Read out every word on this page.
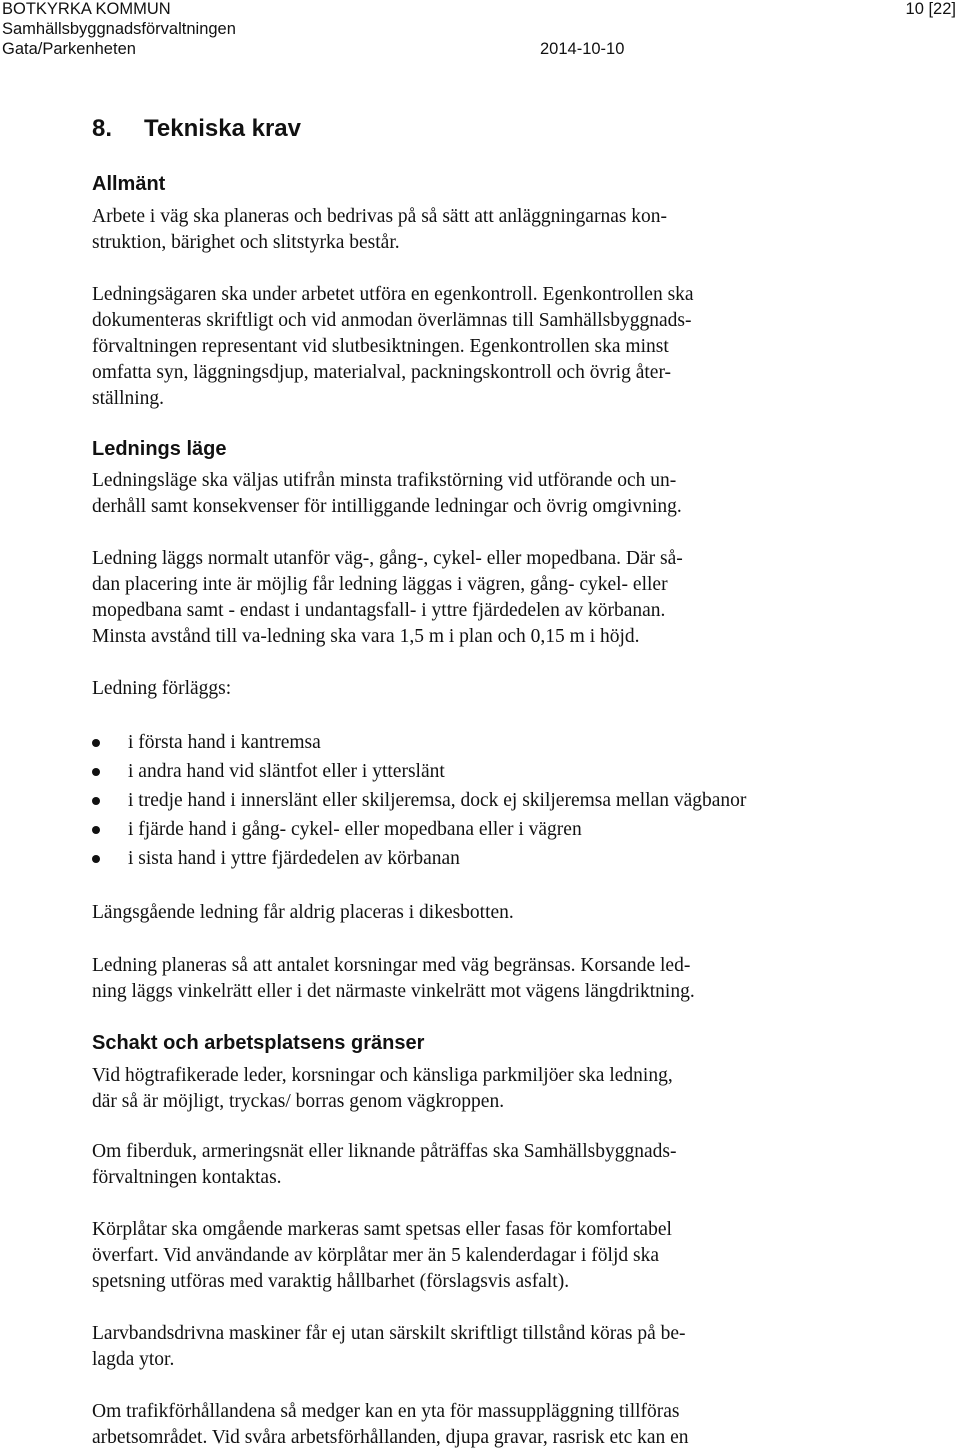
BOTKYRKA KOMMUN
Samhällsbyggnadsförvaltningen
Gata/Parkenheten	2014-10-10
10 [22]
8. Tekniska krav
Allmänt
Arbete i väg ska planeras och bedrivas på så sätt att anläggningarnas kon-
struktion, bärighet och slitstyrka består.
Ledningsägaren ska under arbetet utföra en egenkontroll. Egenkontrollen ska
dokumenteras skriftligt och vid anmodan överlämnas till Samhällsbyggnads-
förvaltningen representant vid slutbesiktningen. Egenkontrollen ska minst
omfatta syn, läggningsdjup, materialval, packningskontroll och övrig åter-
ställning.
Lednings läge
Ledningsläge ska väljas utifrån minsta trafikstörning vid utförande och un-
derhåll samt konsekvenser för intilliggande ledningar och övrig omgivning.
Ledning läggs normalt utanför väg-, gång-, cykel- eller mopedbana. Där så-
dan placering inte är möjlig får ledning läggas i vägren, gång- cykel- eller
mopedbana samt - endast i undantagsfall- i yttre fjärdedelen av körbanan.
Minsta avstånd till va-ledning ska vara 1,5 m i plan och 0,15 m i höjd.
Ledning förläggs:
i första hand i kantremsa
i andra hand vid släntfot eller i ytterslänt
i tredje hand i innerslänt eller skiljeremsa, dock ej skiljeremsa mellan vägbanor
i fjärde hand i gång- cykel- eller mopedbana eller i vägren
i sista hand i yttre fjärdedelen av körbanan
Längsgående ledning får aldrig placeras i dikesbotten.
Ledning planeras så att antalet korsningar med väg begränsas. Korsande led-
ning läggs vinkelrätt eller i det närmaste vinkelrätt mot vägens längdriktning.
Schakt och arbetsplatsens gränser
Vid högtrafikerade leder, korsningar och känsliga parkmiljöer ska ledning,
där så är möjligt, tryckas/ borras genom vägkroppen.
Om fiberduk, armeringsnät eller liknande påträffas ska Samhällsbyggnads-
förvaltningen kontaktas.
Körplåtar ska omgående markeras samt spetsas eller fasas för komfortabel
överfart. Vid användande av körplåtar mer än 5 kalenderdagar i följd ska
spetsning utföras med varaktig hållbarhet (förslagsvis asfalt).
Larvbandsdrivna maskiner får ej utan särskilt skriftligt tillstånd köras på be-
lagda ytor.
Om trafikförhållandena så medger kan en yta för massuppläggning tillföras
arbetsområdet. Vid svåra arbetsförhållanden, djupa gravar, rasrisk etc kan en
